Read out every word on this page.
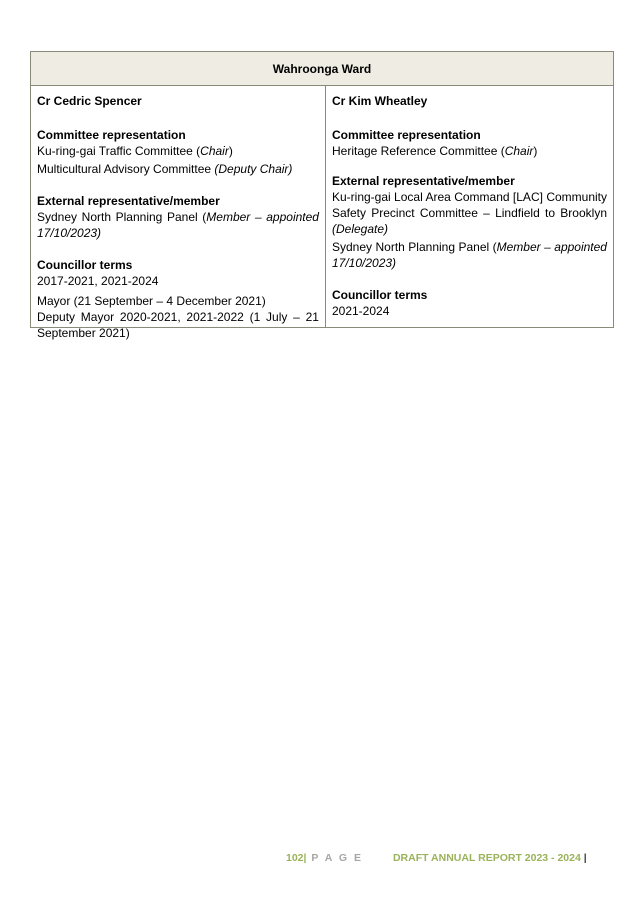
Wahroonga Ward
Cr Cedric Spencer
Committee representation
Ku-ring-gai Traffic Committee (Chair)
Multicultural Advisory Committee (Deputy Chair)
External representative/member
Sydney North Planning Panel (Member – appointed 17/10/2023)
Councillor terms
2017-2021, 2021-2024
Mayor (21 September – 4 December 2021)
Deputy Mayor 2020-2021, 2021-2022 (1 July – 21 September 2021)
Cr Kim Wheatley
Committee representation
Heritage Reference Committee (Chair)
External representative/member
Ku-ring-gai Local Area Command [LAC] Community Safety Precinct Committee – Lindfield to Brooklyn (Delegate)
Sydney North Planning Panel (Member – appointed 17/10/2023)
Councillor terms
2021-2024
102| P A G E	DRAFT ANNUAL REPORT 2023 - 2024 |
